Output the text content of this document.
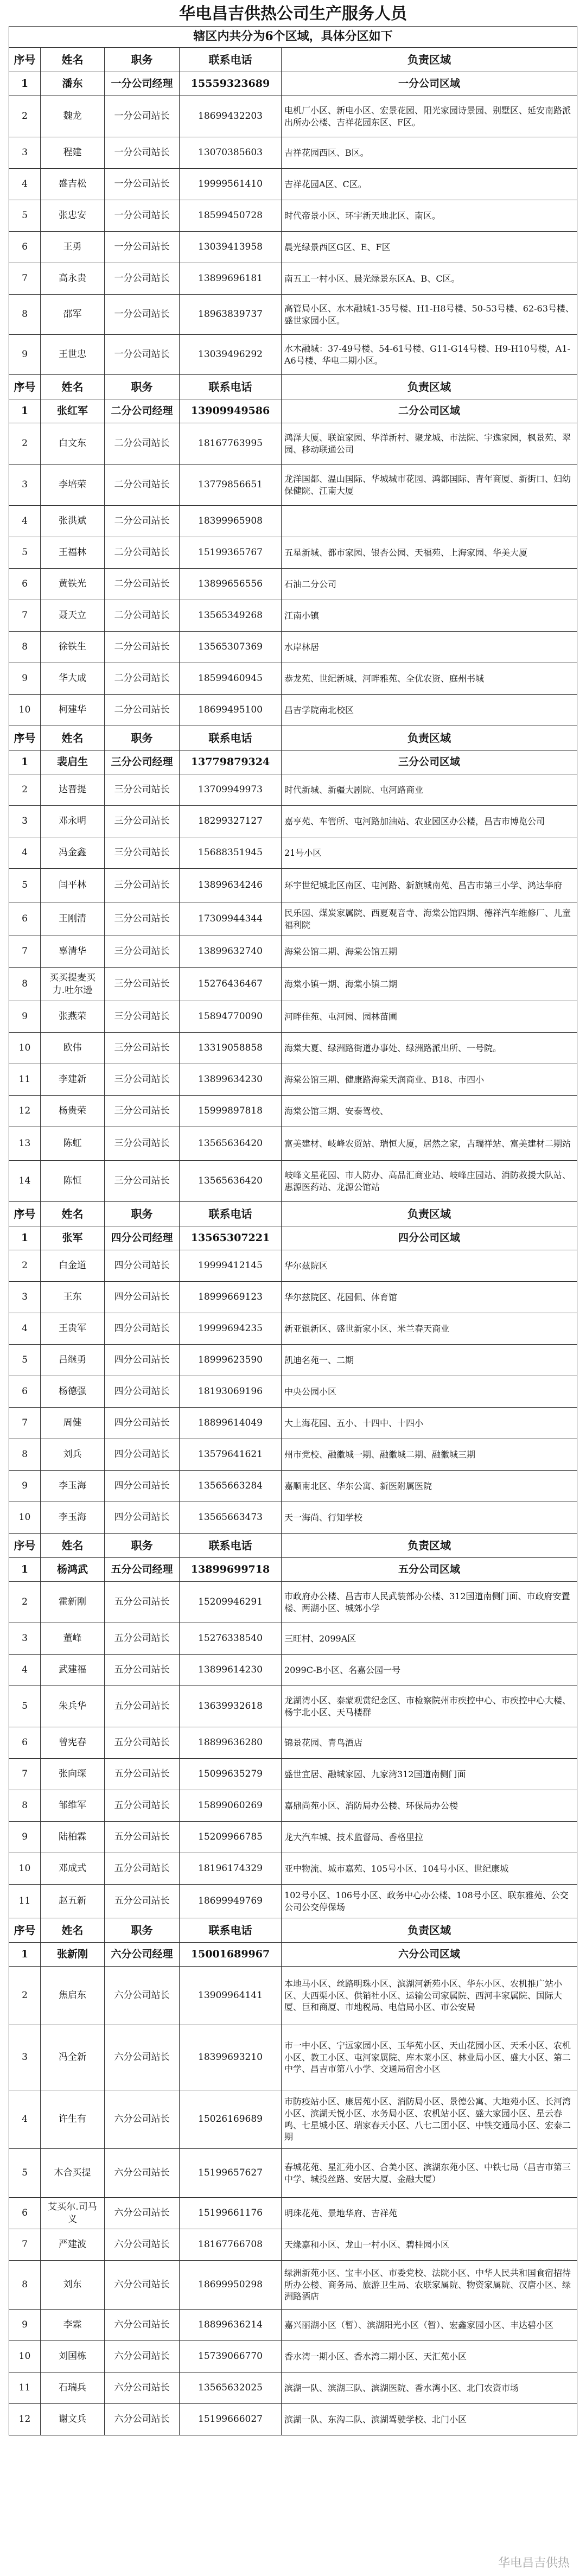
华电昌吉供热公司生产服务人员
辖区内共分为6个区域，具体分区如下				
序号	姓名	职务	联系电话	负责区域
1	潘东	一分公司经理	15559323689	一分公司区域
2	魏龙	一分公司站长	18699432203	电机厂小区、新电小区、宏景花园、阳光家园诗景园、别墅区、延安南路派出所办公楼、吉祥花园东区、F区。
3	程建	一分公司站长	13070385603	吉祥花园西区、B区。
4	盛吉松	一分公司站长	19999561410	吉祥花园A区、C区。
5	张忠安	一分公司站长	18599450728	时代帝景小区、环宇新天地北区、南区。
6	王勇	一分公司站长	13039413958	晨光绿景西区G区、E、F区
7	高永贵	一分公司站长	13899696181	南五工一村小区、晨光绿景东区A、B、C区。
8	邵军	一分公司站长	18963839737	高管局小区、水木融城1-35号楼、H1-H8号楼、50-53号楼、62-63号楼、盛世家园小区。
9	王世忠	一分公司站长	13039496292	水木融城：37-49号楼、54-61号楼、G11-G14号楼、H9-H10号楼，A1-A6号楼、华电二期小区。
序号	姓名	职务	联系电话	负责区域
1	张红军	二分公司经理	13909949586	二分公司区域
2	白文东	二分公司站长	18167763995	鸿泽大厦、联谊家园、华洋新村、聚龙城、市法院、宇逸家园，枫景苑、翠园、移动联通公司
3	李培荣	二分公司站长	13779856651	龙洋国都、温山国际、华城城市花园、鸿都国际、青年商厦、新街口、妇幼保健院、江南大厦
4	张洪斌	二分公司站长	18399965908	
5	王福林	二分公司站长	15199365767	五星新城、都市家园、银杏公园、天福苑、上海家园、华美大厦
6	黄铁光	二分公司站长	13899656556	石油二分公司
7	聂天立	二分公司站长	13565349268	江南小镇
8	徐铁生	二分公司站长	13565307369	水岸林居
9	华大成	二分公司站长	18599460945	恭龙苑、世纪新城、河畔雅苑、全优农资、庭州书城
10	柯建华	二分公司站长	18699495100	昌吉学院南北校区
序号	姓名	职务	联系电话	负责区域
1	裴启生	三分公司经理	13779879324	三分公司区域
2	达晋提	三分公司站长	13709949973	时代新城、新疆大剧院、屯河路商业
3	邓永明	三分公司站长	18299327127	嘉亨苑、车管所、屯河路加油站、农业园区办公楼，昌吉市博览公司
4	冯金鑫	三分公司站长	15688351945	21号小区
5	闫平林	三分公司站长	13899634246	环宇世纪城北区南区、屯河路、新旗城南苑、昌吉市第三小学、鸿达华府
6	王刚清	三分公司站长	17309944344	民乐园、煤炭家属院、西夏观音寺、海棠公馆四期、德祥汽车维修厂、儿童福利院
7	辜清华	三分公司站长	13899632740	海棠公馆二期、海棠公馆五期
8	买买提麦买力.吐尔逊	三分公司站长	15276436467	海棠小镇一期、海棠小镇二期
9	张燕荣	三分公司站长	15894770090	河畔佳苑、屯河园、园林苗圃
10	欧伟	三分公司站长	13319058858	海棠大夏、绿洲路街道办事处、绿洲路派出所、一号院。
11	李建新	三分公司站长	13899634230	海棠公馆三期、健康路海棠天润商业、B18、市四小
12	杨贵荣	三分公司站长	15999897818	海棠公馆三期、安泰驾校、
13	陈虹	三分公司站长	13565636420	富美建材、岐峰农贸站、瑞恒大厦，居然之家，吉瑞祥站、富美建材二期站
14	陈恒	三分公司站长	13565636420	岐峰文星花园、市人防办、高品汇商业站、岐峰庄园站、消防救援大队站、惠源医药站、龙源公馆站
序号	姓名	职务	联系电话	负责区域
1	张军	四分公司经理	13565307221	四分公司区域
2	白金道	四分公司站长	19999412145	华尔兹院区
3	王东	四分公司站长	18999669123	华尔兹院区、花园佩、体育馆
4	王贵军	四分公司站长	19999694235	新亚银新区、盛世新家小区、米兰春天商业
5	吕继勇	四分公司站长	18999623590	凯迪名苑一、二期
6	杨德强	四分公司站长	18193069196	中央公园小区
7	周健	四分公司站长	18899614049	大上海花园、五小、十四中、十四小
8	刘兵	四分公司站长	13579641621	州市党校、融徽城一期、融徽城二期、融徽城三期
9	李玉海	四分公司站长	13565663284	嘉顺南北区、华东公寓、新医附属医院
10	李玉海	四分公司站长	13565663473	天一海尚、行知学校
序号	姓名	职务	联系电话	负责区域
1	杨鸿武	五分公司经理	13899699718	五分公司区域
2	霍新刚	五分公司站长	15209946291	市政府办公楼、昌吉市人民武装部办公楼、312国道南侧门面、市政府安置楼、两湖小区、城郊小学
3	董峰	五分公司站长	15276338540	三旺村、2099A区
4	武建福	五分公司站长	13899614230	2099C-B小区、名嘉公园一号
5	朱兵华	五分公司站长	13639932618	龙湖湾小区、泰蒙观赏纪念区、市检察院州市疾控中心、市疾控中心大楼、杨宇北小区、天马楼群
6	曾宪春	五分公司站长	18899636280	锦景花园、青鸟酒店
7	张向琛	五分公司站长	15099635279	盛世宜居、融城家园、九家湾312国道南侧门面
8	邹维军	五分公司站长	15899060269	嘉鼎尚苑小区、消防局办公楼、环保局办公楼
9	陆柏霖	五分公司站长	15209966785	龙大汽车城、技术监督局、香格里拉
10	邓成式	五分公司站长	18196174329	亚中物流、城市嘉苑、105号小区、104号小区、世纪康城
11	赵五新	五分公司站长	18699949769	102号小区、106号小区、政务中心办公楼、108号小区、联东雅苑、公交公司公交停保场
序号	姓名	职务	联系电话	负责区域
1	张新刚	六分公司经理	15001689967	六分公司区域
2	焦启东	六分公司站长	13909964141	本地马小区、丝路明珠小区、滨湖河新苑小区、华东小区、农机推广站小区、大西渠小区、供销社小区、运输公司家属院、西河丰家属院、国际大厦、巨和商厦、市地税局、电信局小区、市公安局
3	冯全新	六分公司站长	18399693210	市一中小区、宁远家园小区、玉华苑小区、天山花园小区、天禾小区、农机小区、教工小区、屯河家属院、库木莱小区、林业局小区、盛大小区、第二中学、昌吉市第八小学、交通局宿舍小区
4	许生有	六分公司站长	15026169689	市防疫站小区、康居苑小区、消防局小区、景德公寓、大地苑小区、长河湾小区、滨湖天悦小区、水务局小区、农机站小区、盛大家园小区、星云春鸣、七星城小区、瑞家春天小区、八七二团小区、中铁交通局小区、宏泰二期
5	木合买提	六分公司站长	15199657627	春城花苑、星汇苑小区、合美小区、滨湖东苑小区、中铁七局（昌吉市第三中学、城投丝路、安居大厦、金融大厦）
6	艾买尔.司马义	六分公司站长	15199661176	明珠花苑、景地华府、吉祥苑
7	严建波	六分公司站长	18167766708	天缘嘉和小区、龙山一村小区、碧桂园小区
8	刘东	六分公司站长	18699950298	绿洲新苑小区、宝丰小区、市委党校、法院小区、中华人民共和国食宿招待所办公楼、商务局、旅游卫生局、农联家属院、物资家属院、汉唐小区、绿洲路酒店
9	李霖	六分公司站长	18899636214	嘉兴丽湖小区（暂）、滨湖阳光小区（暂）、宏鑫家园小区、丰达碧小区
10	刘国栋	六分公司站长	15739066770	香水湾一期小区、香水湾二期小区、天汇苑小区
11	石瑞兵	六分公司站长	13565632025	滨湖一队、滨湖三队、滨湖医院、香水湾小区、北门农资市场
12	谢文兵	六分公司站长	15199666027	滨湖一队、东沟二队、滨湖驾驶学校、北门小区
华电昌吉供热
